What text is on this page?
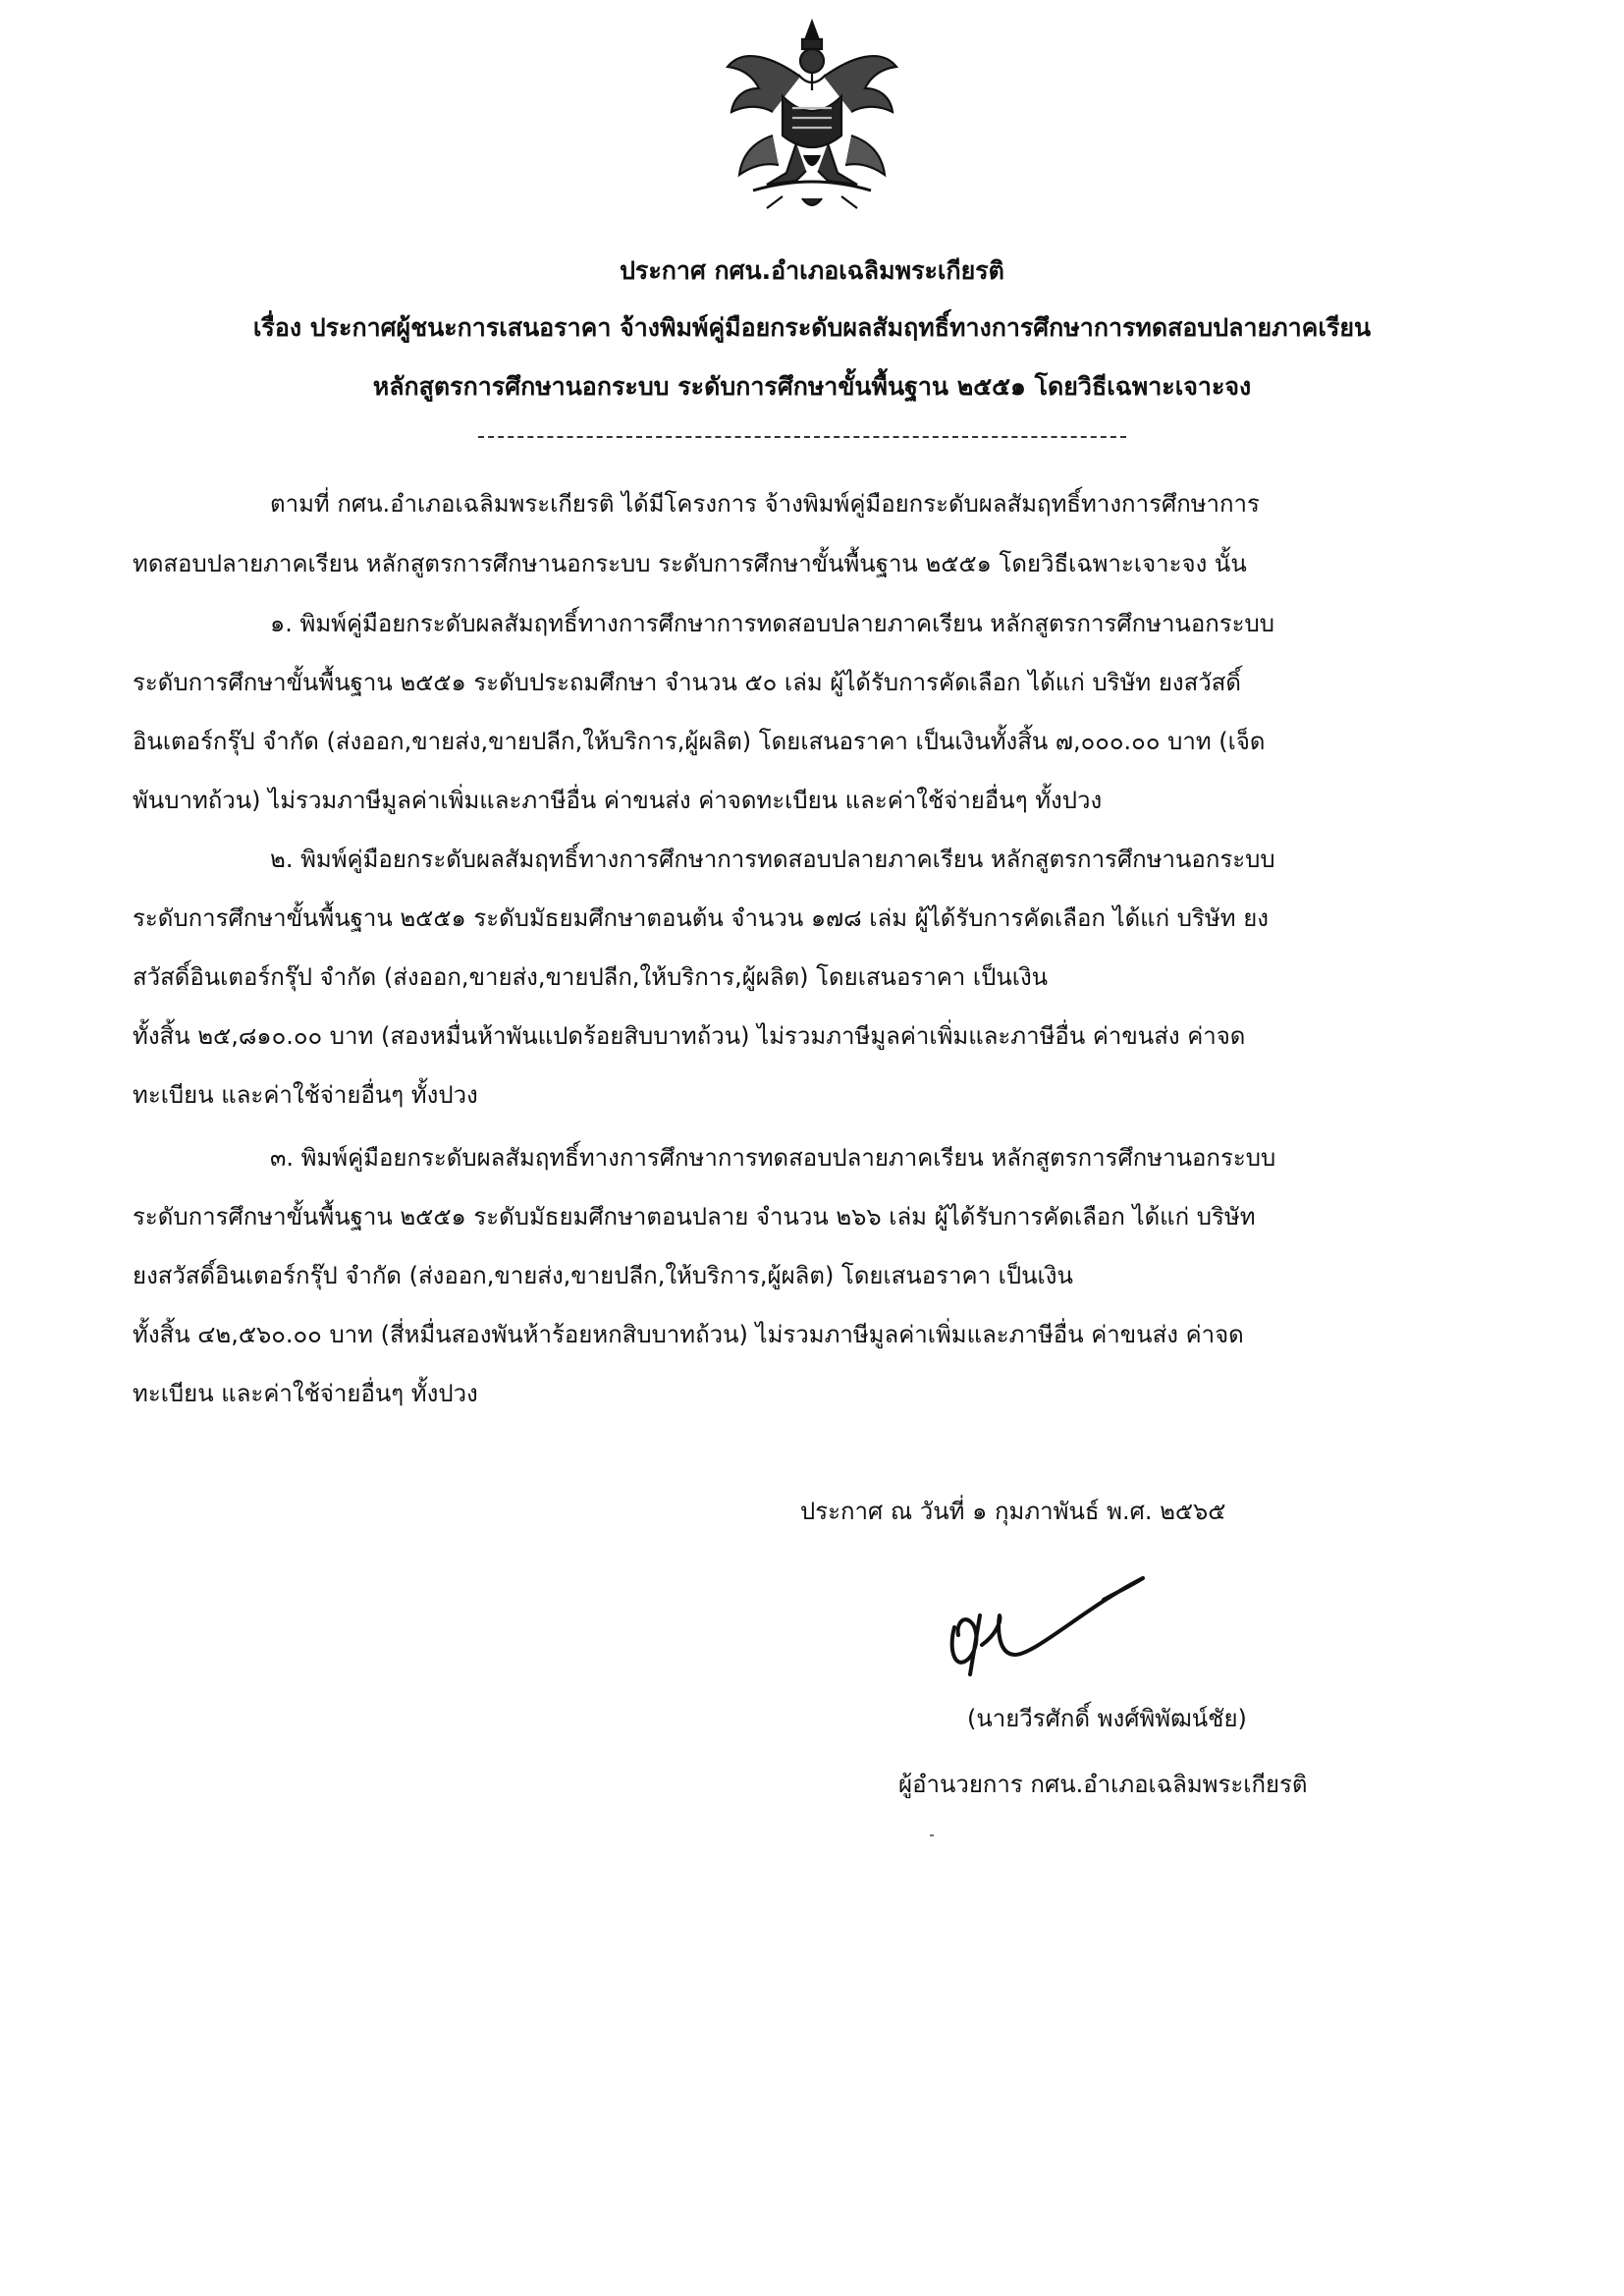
ประกาศ กศน.อำเภอเฉลิมพระเกียรติ
เรื่อง ประกาศผู้ชนะการเสนอราคา จ้างพิมพ์คู่มือยกระดับผลสัมฤทธิ์ทางการศึกษาการทดสอบปลายภาคเรียน
หลักสูตรการศึกษานอกระบบ ระดับการศึกษาขั้นพื้นฐาน ๒๕๕๑ โดยวิธีเฉพาะเจาะจง
ตามที่ กศน.อำเภอเฉลิมพระเกียรติ ได้มีโครงการ จ้างพิมพ์คู่มือยกระดับผลสัมฤทธิ์ทางการศึกษาการ
ทดสอบปลายภาคเรียน หลักสูตรการศึกษานอกระบบ ระดับการศึกษาขั้นพื้นฐาน ๒๕๕๑ โดยวิธีเฉพาะเจาะจง นั้น
๑. พิมพ์คู่มือยกระดับผลสัมฤทธิ์ทางการศึกษาการทดสอบปลายภาคเรียน หลักสูตรการศึกษานอกระบบ
ระดับการศึกษาขั้นพื้นฐาน ๒๕๕๑ ระดับประถมศึกษา จำนวน ๕๐ เล่ม ผู้ได้รับการคัดเลือก ได้แก่ บริษัท ยงสวัสดิ์
อินเตอร์กรุ๊ป จำกัด (ส่งออก,ขายส่ง,ขายปลีก,ให้บริการ,ผู้ผลิต) โดยเสนอราคา เป็นเงินทั้งสิ้น ๗,๐๐๐.๐๐ บาท (เจ็ด
พันบาทถ้วน) ไม่รวมภาษีมูลค่าเพิ่มและภาษีอื่น ค่าขนส่ง ค่าจดทะเบียน และค่าใช้จ่ายอื่นๆ ทั้งปวง
๒. พิมพ์คู่มือยกระดับผลสัมฤทธิ์ทางการศึกษาการทดสอบปลายภาคเรียน หลักสูตรการศึกษานอกระบบ
ระดับการศึกษาขั้นพื้นฐาน ๒๕๕๑ ระดับมัธยมศึกษาตอนต้น จำนวน ๑๗๘ เล่ม ผู้ได้รับการคัดเลือก ได้แก่ บริษัท ยง
สวัสดิ์อินเตอร์กรุ๊ป จำกัด (ส่งออก,ขายส่ง,ขายปลีก,ให้บริการ,ผู้ผลิต) โดยเสนอราคา เป็นเงิน
ทั้งสิ้น ๒๕,๘๑๐.๐๐ บาท (สองหมื่นห้าพันแปดร้อยสิบบาทถ้วน) ไม่รวมภาษีมูลค่าเพิ่มและภาษีอื่น ค่าขนส่ง ค่าจด
ทะเบียน และค่าใช้จ่ายอื่นๆ ทั้งปวง
๓. พิมพ์คู่มือยกระดับผลสัมฤทธิ์ทางการศึกษาการทดสอบปลายภาคเรียน หลักสูตรการศึกษานอกระบบ
ระดับการศึกษาขั้นพื้นฐาน ๒๕๕๑ ระดับมัธยมศึกษาตอนปลาย จำนวน ๒๖๖ เล่ม ผู้ได้รับการคัดเลือก ได้แก่ บริษัท
ยงสวัสดิ์อินเตอร์กรุ๊ป จำกัด (ส่งออก,ขายส่ง,ขายปลีก,ให้บริการ,ผู้ผลิต) โดยเสนอราคา เป็นเงิน
ทั้งสิ้น ๔๒,๕๖๐.๐๐ บาท (สี่หมื่นสองพันห้าร้อยหกสิบบาทถ้วน) ไม่รวมภาษีมูลค่าเพิ่มและภาษีอื่น ค่าขนส่ง ค่าจด
ทะเบียน และค่าใช้จ่ายอื่นๆ ทั้งปวง
ประกาศ ณ วันที่ ๑ กุมภาพันธ์ พ.ศ. ๒๕๖๕
(นายวีรศักดิ์ พงศ์พิพัฒน์ชัย)
ผู้อำนวยการ กศน.อำเภอเฉลิมพระเกียรติ
